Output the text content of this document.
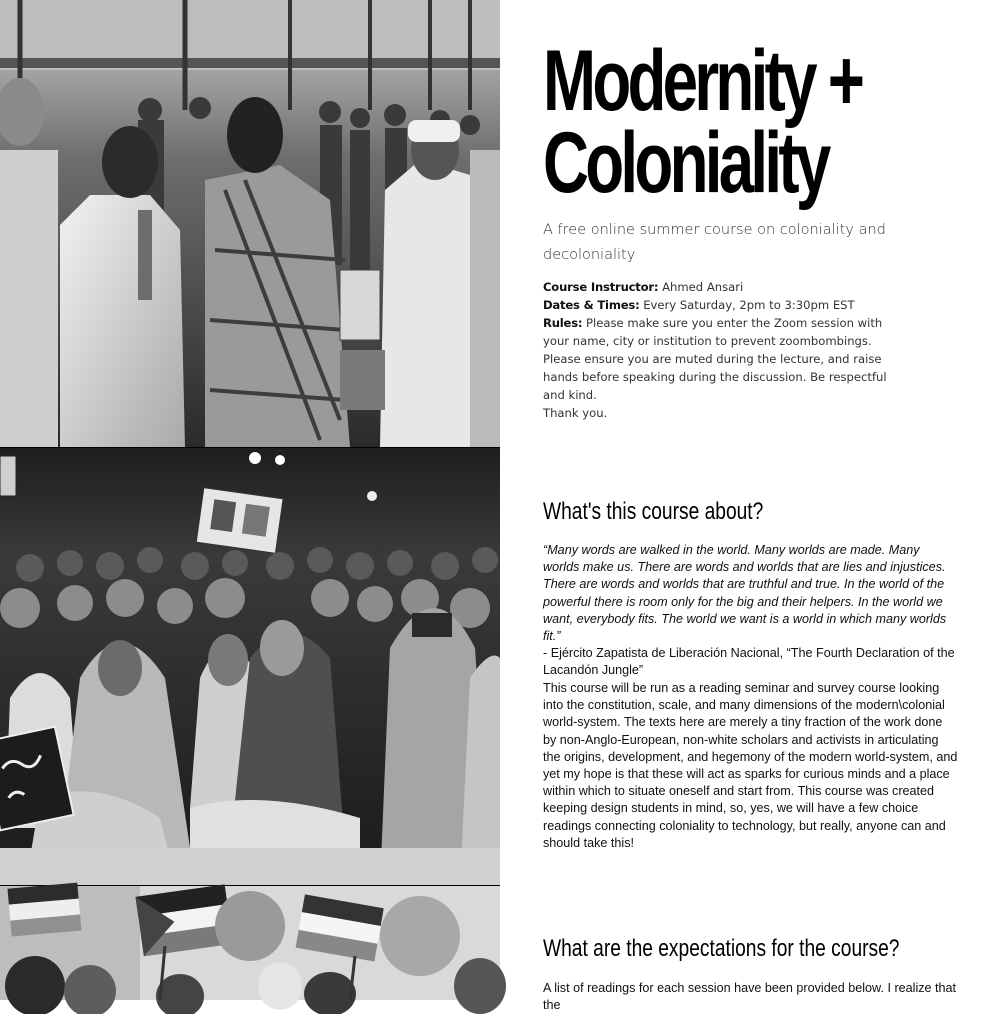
Modernity +
Coloniality

A free online summer course on coloniality and decoloniality

Course Instructor: Ahmed Ansari

Dates & Times: Every Saturday, 2pm to 3:30pm EST

Rules: Please make sure you enter the Zoom session with your name, city or institution to prevent zoombombings. Please ensure you are muted during the lecture, and raise hands before speaking during the discussion. Be respectful and kind.

Thank you.

What's this course about?

“Many words are walked in the world. Many worlds are made. Many worlds make us. There are words and worlds that are lies and injustices. There are words and worlds that are truthful and true. In the world of the powerful there is room only for the big and their helpers. In the world we want, everybody fits. The world we want is a world in which many worlds fit.”
- Ejército Zapatista de Liberación Nacional, “The Fourth Declaration of the Lacandón Jungle”

This course will be run as a reading seminar and survey course looking into the constitution, scale, and many dimensions of the modern\colonial world-system. The texts here are merely a tiny fraction of the work done by non-Anglo-European, non-white scholars and activists in articulating the origins, development, and hegemony of the modern world-system, and yet my hope is that these will act as sparks for curious minds and a place within which to situate oneself and start from. This course was created keeping design students in mind, so, yes, we will have a few choice readings connecting coloniality to technology, but really, anyone can and should take this!

What are the expectations for the course?

A list of readings for each session have been provided below. I realize that the
